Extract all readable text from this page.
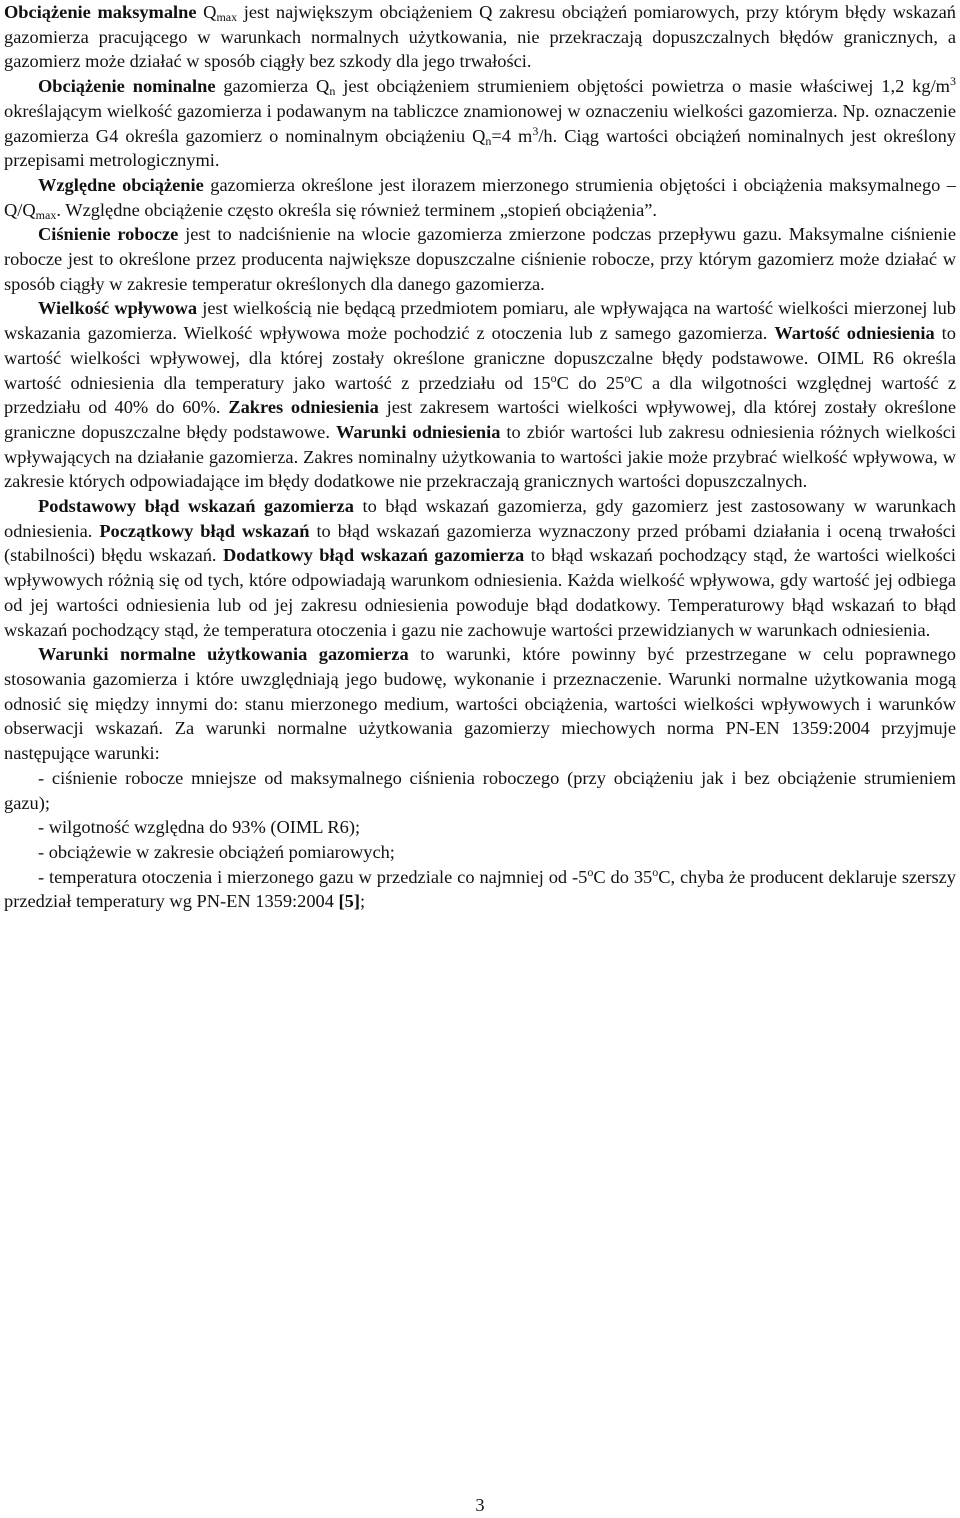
Obciążenie maksymalne $Q_{max}$ jest największym obciążeniem Q zakresu obciążeń pomiarowych, przy którym błędy wskazań gazomierza pracującego w warunkach normalnych użytkowania, nie przekraczają dopuszczalnych błędów granicznych, a gazomierz może działać w sposób ciągły bez szkody dla jego trwałości.

Obciążenie nominalne gazomierza $Q_n$ jest obciążeniem strumieniem objętości powietrza o masie właściwej 1,2 $kg/m^3$ określającym wielkość gazomierza i podawanym na tabliczce znamionowej w oznaczeniu wielkości gazomierza. Np. oznaczenie gazomierza G4 określa gazomierz o nominalnym obciążeniu $Q_n=4$ $m^3/h$. Ciąg wartości obciążeń nominalnych jest określony przepisami metrologicznymi.

Względne obciążenie gazomierza określone jest ilorazem mierzonego strumienia objętości i obciążenia maksymalnego – $Q/Q_{max}$. Względne obciążenie często określa się również terminem „stopień obciążenia”.

Ciśnienie robocze jest to nadciśnienie na wlocie gazomierza zmierzone podczas przepływu gazu. Maksymalne ciśnienie robocze jest to określone przez producenta największe dopuszczalne ciśnienie robocze, przy którym gazomierz może działać w sposób ciągły w zakresie temperatur określonych dla danego gazomierza.

Wielkość wpływowa jest wielkością nie będącą przedmiotem pomiaru, ale wpływająca na wartość wielkości mierzonej lub wskazania gazomierza. Wielkość wpływowa może pochodzić z otoczenia lub z samego gazomierza. Wartość odniesienia to wartość wielkości wpływowej, dla której zostały określone graniczne dopuszczalne błędy podstawowe. OIML R6 określa wartość odniesienia dla temperatury jako wartość z przedziału od 15$^o$C do 25$^o$C a dla wilgotności względnej wartość z przedziału od 40% do 60%. Zakres odniesienia jest zakresem wartości wielkości wpływowej, dla której zostały określone graniczne dopuszczalne błędy podstawowe. Warunki odniesienia to zbiór wartości lub zakresu odniesienia różnych wielkości wpływających na działanie gazomierza. Zakres nominalny użytkowania to wartości jakie może przybrać wielkość wpływowa, w zakresie których odpowiadające im błędy dodatkowe nie przekraczają granicznych wartości dopuszczalnych.

Podstawowy błąd wskazań gazomierza to błąd wskazań gazomierza, gdy gazomierz jest zastosowany w warunkach odniesienia. Początkowy błąd wskazań to błąd wskazań gazomierza wyznaczony przed próbami działania i oceną trwałości (stabilności) błędu wskazań. Dodatkowy błąd wskazań gazomierza to błąd wskazań pochodzący stąd, że wartości wielkości wpływowych różnią się od tych, które odpowiadają warunkom odniesienia. Każda wielkość wpływowa, gdy wartość jej odbiega od jej wartości odniesienia lub od jej zakresu odniesienia powoduje błąd dodatkowy. Temperaturowy błąd wskazań to błąd wskazań pochodzący stąd, że temperatura otoczenia i gazu nie zachowuje wartości przewidzianych w warunkach odniesienia.

Warunki normalne użytkowania gazomierza to warunki, które powinny być przestrzegane w celu poprawnego stosowania gazomierza i które uwzględniają jego budowę, wykonanie i przeznaczenie. Warunki normalne użytkowania mogą odnosić się między innymi do: stanu mierzonego medium, wartości obciążenia, wartości wielkości wpływowych i warunków obserwacji wskazań. Za warunki normalne użytkowania gazomierzy miechowych norma PN-EN 1359:2004 przyjmuje następujące warunki:

- ciśnienie robocze mniejsze od maksymalnego ciśnienia roboczego (przy obciążeniu jak i bez obciążenie strumieniem gazu);

- wilgotność względna do 93% (OIML R6);

- obciążewie w zakresie obciążeń pomiarowych;

- temperatura otoczenia i mierzonego gazu w przedziale co najmniej od -5$^o$C do 35$^o$C, chyba że producent deklaruje szerszy przedział temperatury wg PN-EN 1359:2004 [5];

3
